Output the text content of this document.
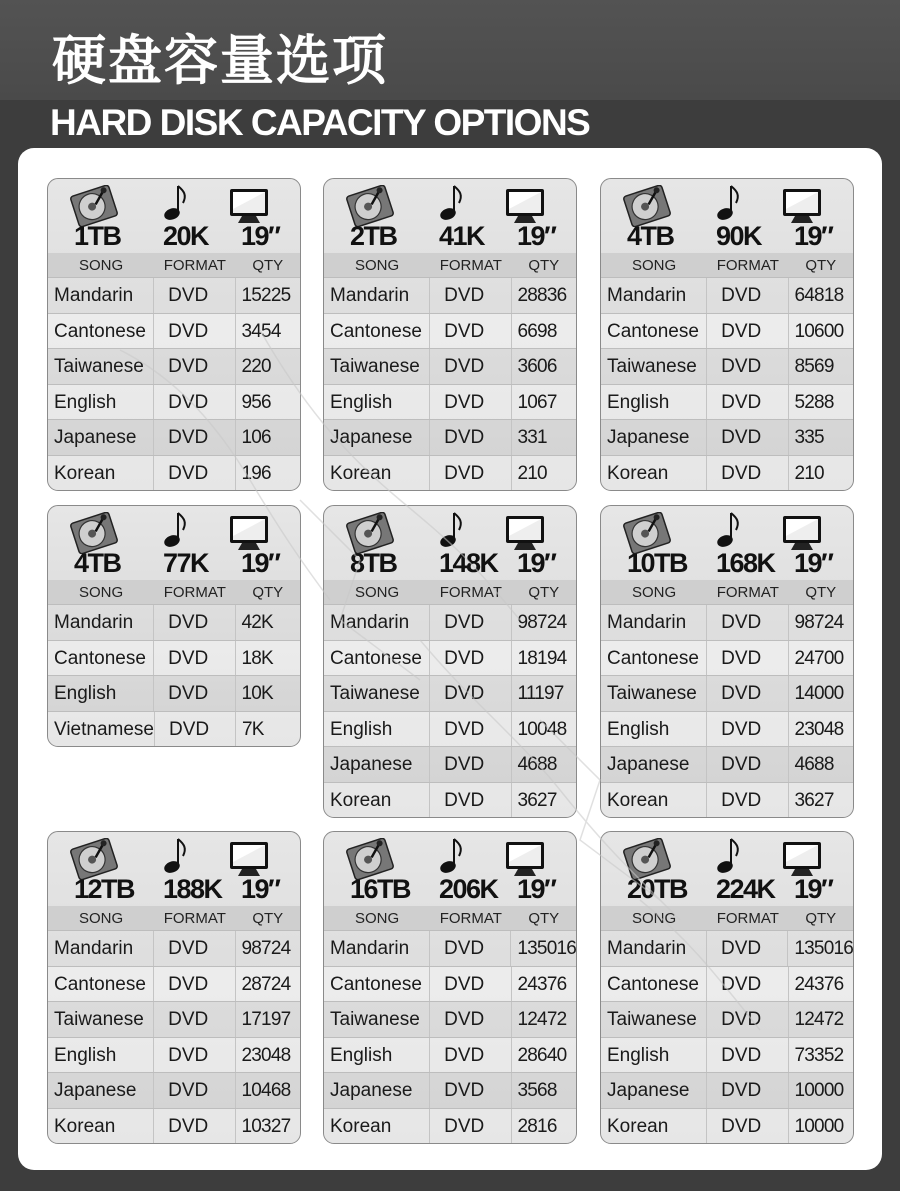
硬盘容量选项
HARD DISK CAPACITY OPTIONS
1TB 20K 19″
SONG	FORMAT	QTY
Mandarin	DVD	15225
Cantonese	DVD	3454
Taiwanese	DVD	220
English	DVD	956
Japanese	DVD	106
Korean	DVD	196
2TB 41K 19″
SONG	FORMAT	QTY
Mandarin	DVD	28836
Cantonese	DVD	6698
Taiwanese	DVD	3606
English	DVD	1067
Japanese	DVD	331
Korean	DVD	210
4TB 90K 19″
SONG	FORMAT	QTY
Mandarin	DVD	64818
Cantonese	DVD	10600
Taiwanese	DVD	8569
English	DVD	5288
Japanese	DVD	335
Korean	DVD	210
4TB 77K 19″
SONG	FORMAT	QTY
Mandarin	DVD	42K
Cantonese	DVD	18K
English	DVD	10K
Vietnamese DVD	7K
8TB 148K 19″
SONG	FORMAT	QTY
Mandarin	DVD	98724
Cantonese	DVD	18194
Taiwanese	DVD	11197
English	DVD	10048
Japanese	DVD	4688
Korean	DVD	3627
10TB 168K 19″
SONG	FORMAT	QTY
Mandarin	DVD	98724
Cantonese	DVD	24700
Taiwanese	DVD	14000
English	DVD	23048
Japanese	DVD	4688
Korean	DVD	3627
12TB 188K 19″
SONG	FORMAT	QTY
Mandarin	DVD	98724
Cantonese	DVD	28724
Taiwanese	DVD	17197
English	DVD	23048
Japanese	DVD	10468
Korean	DVD	10327
16TB 206K 19″
SONG	FORMAT	QTY
Mandarin	DVD	135016
Cantonese	DVD	24376
Taiwanese	DVD	12472
English	DVD	28640
Japanese	DVD	3568
Korean	DVD	2816
20TB 224K 19″
SONG	FORMAT	QTY
Mandarin	DVD	135016
Cantonese	DVD	24376
Taiwanese	DVD	12472
English	DVD	73352
Japanese	DVD	10000
Korean	DVD	10000
